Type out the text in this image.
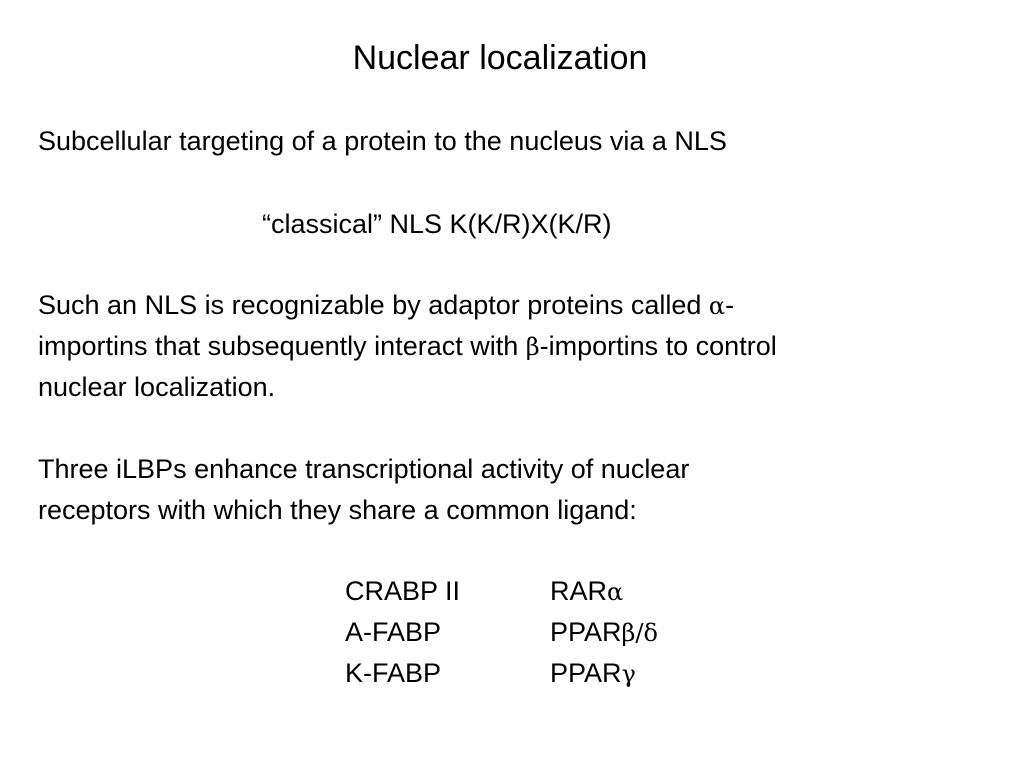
Nuclear localization
Subcellular targeting of a protein to the nucleus via a NLS
“classical” NLS K(K/R)X(K/R)
Such an NLS is recognizable by adaptor proteins called α-
importins that subsequently interact with β-importins to control
nuclear localization.
Three iLBPs enhance transcriptional activity of nuclear
receptors with which they share a common ligand:
CRABP II	RARα
A-FABP	PPARβ/δ
K-FABP	PPARγ
